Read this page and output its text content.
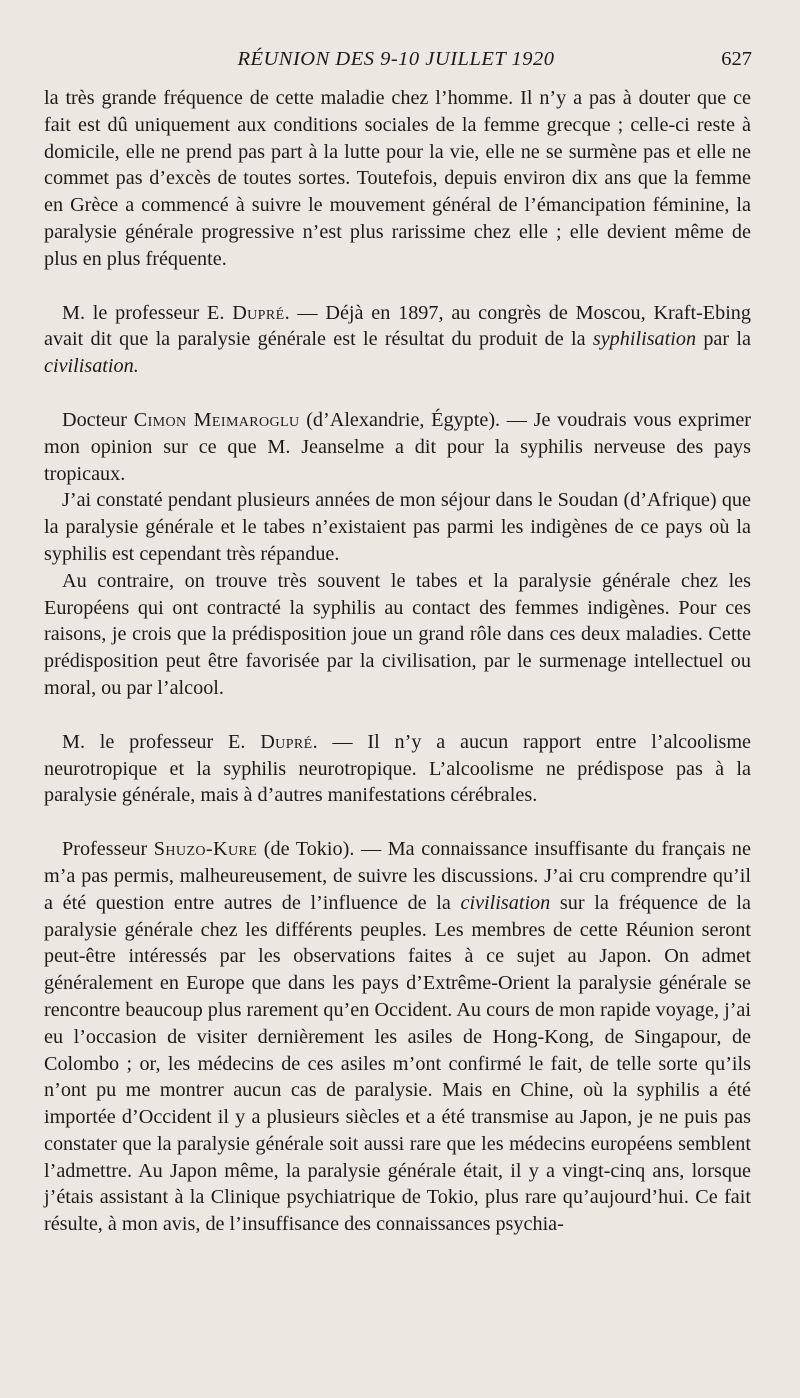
RÉUNION DES 9-10 JUILLET 1920	627

la très grande fréquence de cette maladie chez l’homme. Il n’y a pas à douter que ce fait est dû uniquement aux conditions sociales de la femme grecque ; celle-ci reste à domicile, elle ne prend pas part à la lutte pour la vie, elle ne se surmène pas et elle ne commet pas d’excès de toutes sortes. Toutefois, depuis environ dix ans que la femme en Grèce a commencé à suivre le mouvement général de l’émancipation féminine, la paralysie générale progressive n’est plus rarissime chez elle ; elle devient même de plus en plus fréquente.

M. le professeur E. Dupré. — Déjà en 1897, au congrès de Moscou, Kraft-Ebing avait dit que la paralysie générale est le résultat du produit de la syphilisation par la civilisation.

Docteur Cimon Meimaroglu (d’Alexandrie, Égypte). — Je voudrais vous exprimer mon opinion sur ce que M. Jeanselme a dit pour la syphilis nerveuse des pays tropicaux.

J’ai constaté pendant plusieurs années de mon séjour dans le Soudan (d’Afrique) que la paralysie générale et le tabes n’existaient pas parmi les indigènes de ce pays où la syphilis est cependant très répandue.

Au contraire, on trouve très souvent le tabes et la paralysie générale chez les Européens qui ont contracté la syphilis au contact des femmes indigènes. Pour ces raisons, je crois que la prédisposition joue un grand rôle dans ces deux maladies. Cette prédisposition peut être favorisée par la civilisation, par le surmenage intellectuel ou moral, ou par l’alcool.

M. le professeur E. Dupré. — Il n’y a aucun rapport entre l’alcoolisme neurotropique et la syphilis neurotropique. L’alcoolisme ne prédispose pas à la paralysie générale, mais à d’autres manifestations cérébrales.

Professeur Shuzo-Kure (de Tokio). — Ma connaissance insuffisante du français ne m’a pas permis, malheureusement, de suivre les discussions. J’ai cru comprendre qu’il a été question entre autres de l’influence de la civilisation sur la fréquence de la paralysie générale chez les différents peuples. Les membres de cette Réunion seront peut-être intéressés par les observations faites à ce sujet au Japon. On admet généralement en Europe que dans les pays d’Extrême-Orient la paralysie générale se rencontre beaucoup plus rarement qu’en Occident. Au cours de mon rapide voyage, j’ai eu l’occasion de visiter dernièrement les asiles de Hong-Kong, de Singapour, de Colombo ; or, les médecins de ces asiles m’ont confirmé le fait, de telle sorte qu’ils n’ont pu me montrer aucun cas de paralysie. Mais en Chine, où la syphilis a été importée d’Occident il y a plusieurs siècles et a été transmise au Japon, je ne puis pas constater que la paralysie générale soit aussi rare que les médecins européens semblent l’admettre. Au Japon même, la paralysie générale était, il y a vingt-cinq ans, lorsque j’étais assistant à la Clinique psychiatrique de Tokio, plus rare qu’aujourd’hui. Ce fait résulte, à mon avis, de l’insuffisance des connaissances psychia-
